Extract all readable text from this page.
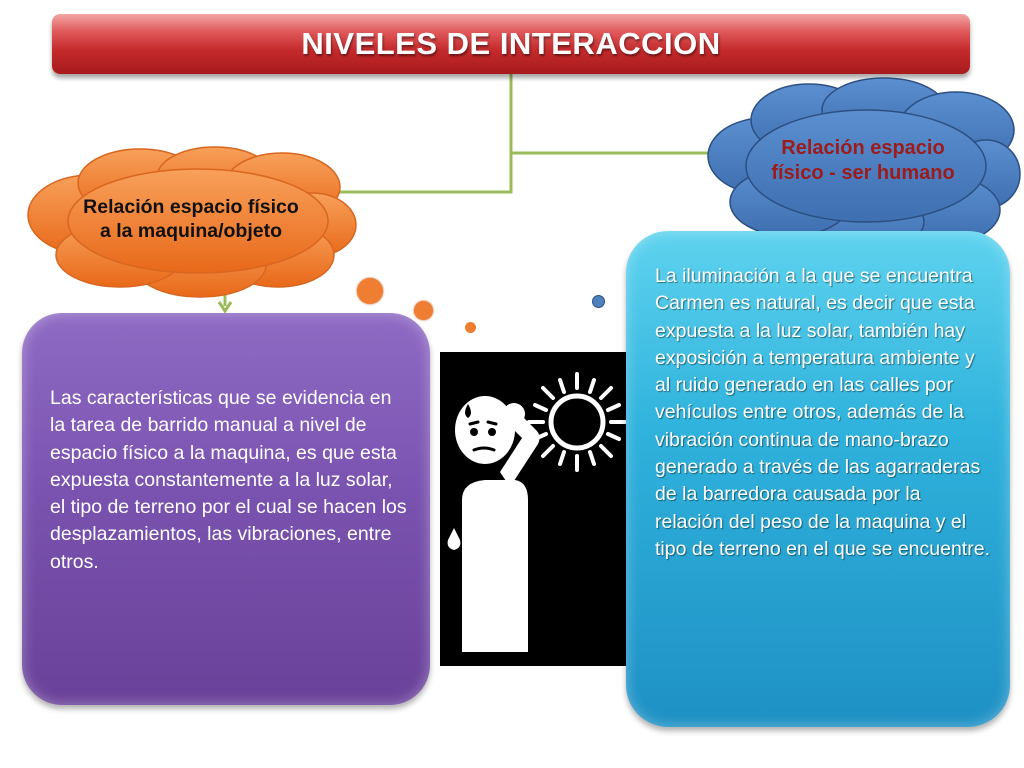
NIVELES DE INTERACCION
Relación espacio físico a la maquina/objeto
Relación espacio físico - ser humano
Las características que se evidencia en la tarea de barrido manual a nivel de espacio físico a la maquina, es que esta expuesta constantemente a la luz solar, el tipo de terreno por el cual se hacen los desplazamientos, las vibraciones, entre otros.
La iluminación a la que se encuentra Carmen es natural, es decir que esta expuesta a la luz solar, también hay exposición a temperatura ambiente y al ruido generado en las calles por vehículos entre otros, además de la vibración continua de mano-brazo generado a través de las agarraderas de la barredora causada por la relación del peso de la maquina y el tipo de terreno en el que se encuentre.
